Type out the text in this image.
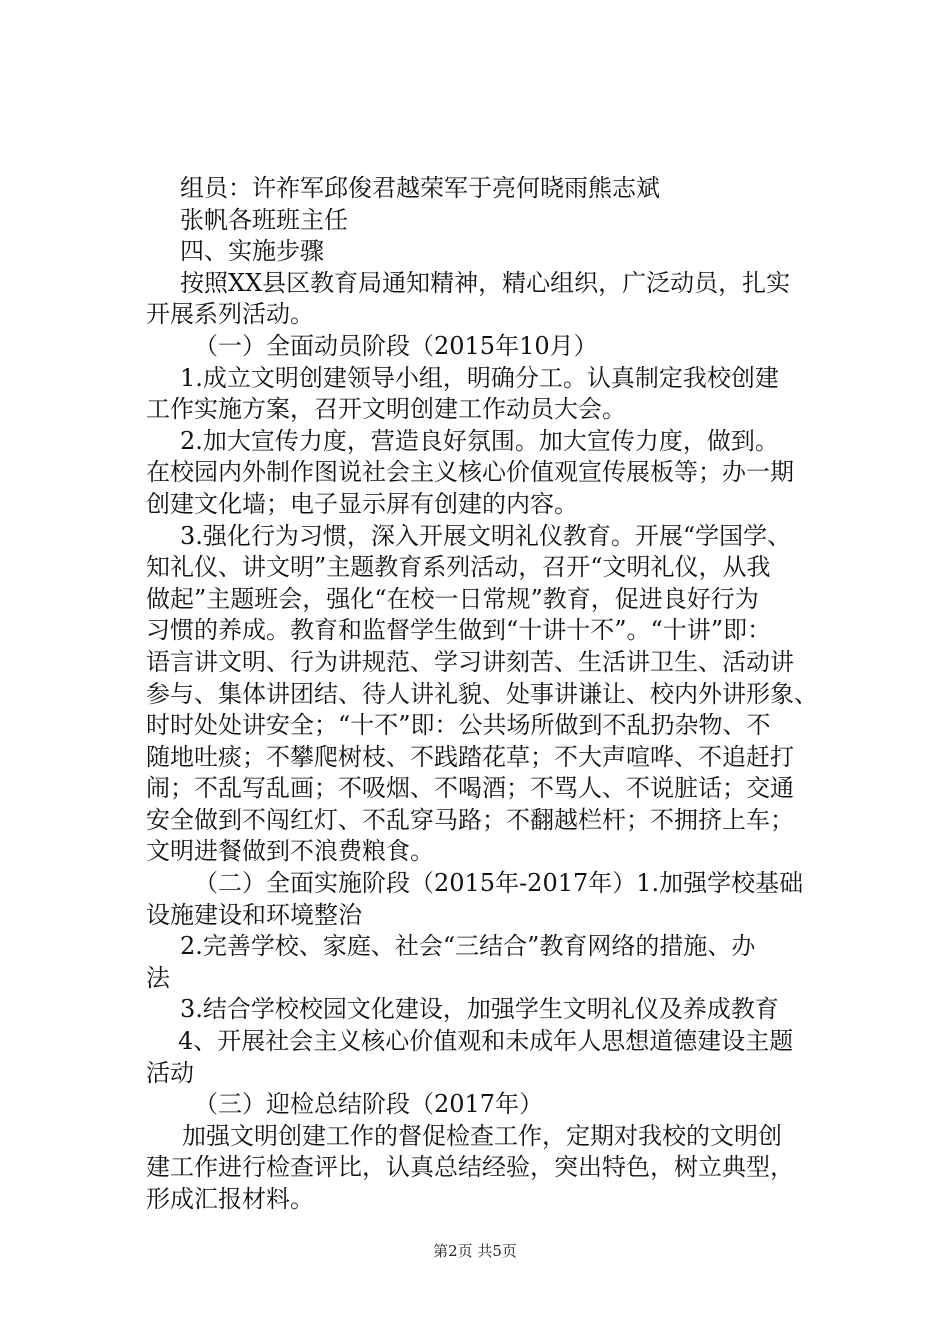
组员：许祚军邱俊君越荣军于亮何晓雨熊志斌
张帆各班班主任
四、实施步骤
按照XX县区教育局通知精神，精心组织，广泛动员，扎实
开展系列活动。
（一）全面动员阶段（2015年10月）
1.成立文明创建领导小组，明确分工。认真制定我校创建
工作实施方案，召开文明创建工作动员大会。
2.加大宣传力度，营造良好氛围。加大宣传力度，做到。
在校园内外制作图说社会主义核心价值观宣传展板等；办一期
创建文化墙；电子显示屏有创建的内容。
3.强化行为习惯，深入开展文明礼仪教育。开展“学国学、
知礼仪、讲文明”主题教育系列活动，召开“文明礼仪，从我
做起”主题班会，强化“在校一日常规”教育，促进良好行为
习惯的养成。教育和监督学生做到“十讲十不”。“十讲”即：
语言讲文明、行为讲规范、学习讲刻苦、生活讲卫生、活动讲
参与、集体讲团结、待人讲礼貌、处事讲谦让、校内外讲形象、
时时处处讲安全；“十不”即：公共场所做到不乱扔杂物、不
随地吐痰；不攀爬树枝、不践踏花草；不大声喧哗、不追赶打
闹；不乱写乱画；不吸烟、不喝酒；不骂人、不说脏话；交通
安全做到不闯红灯、不乱穿马路；不翻越栏杆；不拥挤上车；
文明进餐做到不浪费粮食。
（二）全面实施阶段（2015年-2017年）1.加强学校基础
设施建设和环境整治
2.完善学校、家庭、社会“三结合”教育网络的措施、办
法
3.结合学校校园文化建设，加强学生文明礼仪及养成教育
4、开展社会主义核心价值观和未成年人思想道德建设主题
活动
（三）迎检总结阶段（2017年）
加强文明创建工作的督促检查工作，定期对我校的文明创
建工作进行检查评比，认真总结经验，突出特色，树立典型，
形成汇报材料。
第2页 共5页
